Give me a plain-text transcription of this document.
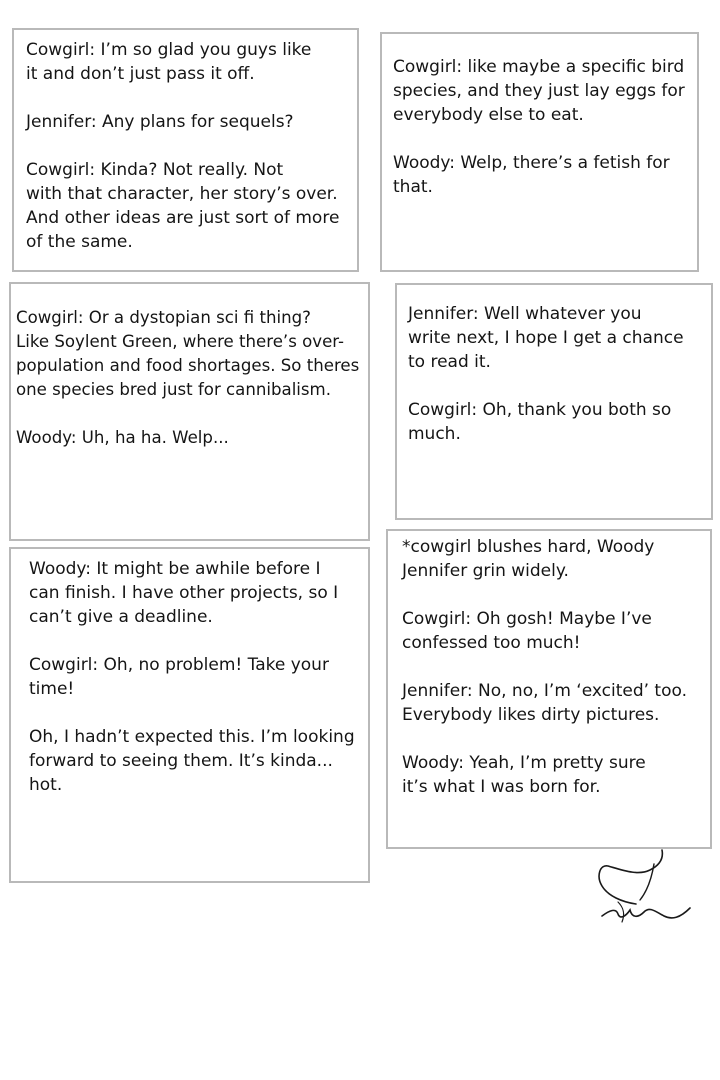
Cowgirl: I’m so glad you guys like
it and don’t just pass it off.

Jennifer: Any plans for sequels?

Cowgirl: Kinda? Not really. Not
with that character, her story’s over.
And other ideas are just sort of more
of the same.
Cowgirl: like maybe a specific bird
species, and they just lay eggs for
everybody else to eat.

Woody: Welp, there’s a fetish for
that.
Cowgirl: Or a dystopian sci fi thing?
Like Soylent Green, where there’s over-
population and food shortages. So theres
one species bred just for cannibalism.

Woody: Uh, ha ha. Welp...
Jennifer: Well whatever you
write next, I hope I get a chance
to read it.

Cowgirl: Oh, thank you both so
much.
Woody: It might be awhile before I
can finish. I have other projects, so I
can’t give a deadline.

Cowgirl: Oh, no problem! Take your
time!

Oh, I hadn’t expected this. I’m looking
forward to seeing them. It’s kinda...
hot.
*cowgirl blushes hard, Woody
Jennifer grin widely.

Cowgirl: Oh gosh! Maybe I’ve
confessed too much!

Jennifer: No, no, I’m ‘excited’ too.
Everybody likes dirty pictures.

Woody: Yeah, I’m pretty sure
it’s what I was born for.
